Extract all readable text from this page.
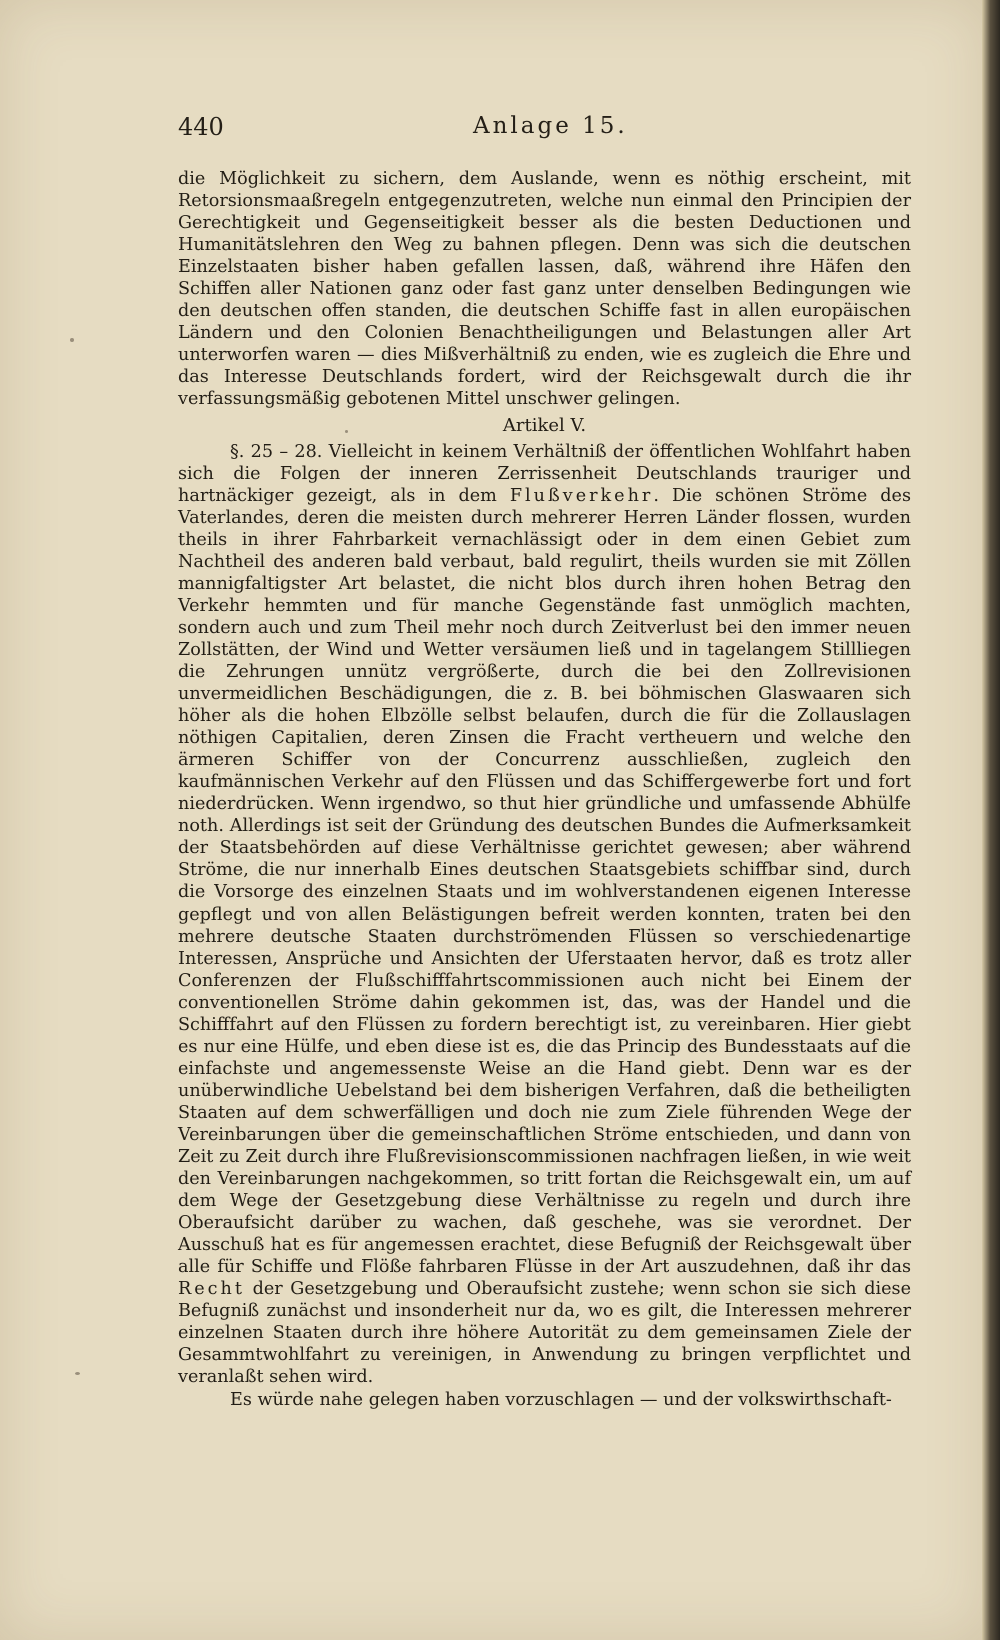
440	Anlage 15.

die Möglichkeit zu sichern, dem Auslande, wenn es nöthig erscheint, mit Retorsionsmaaßregeln entgegenzutreten, welche nun einmal den Principien der Gerechtigkeit und Gegenseitigkeit besser als die besten Deductionen und Humanitätslehren den Weg zu bahnen pflegen. Denn was sich die deutschen Einzelstaaten bisher haben gefallen lassen, daß, während ihre Häfen den Schiffen aller Nationen ganz oder fast ganz unter denselben Bedingungen wie den deutschen offen standen, die deutschen Schiffe fast in allen europäischen Ländern und den Colonien Benachtheiligungen und Belastungen aller Art unterworfen waren — dies Mißverhältniß zu enden, wie es zugleich die Ehre und das Interesse Deutschlands fordert, wird der Reichsgewalt durch die ihr verfassungsmäßig gebotenen Mittel unschwer gelingen.

Artikel V.

§. 25 – 28. Vielleicht in keinem Verhältniß der öffentlichen Wohlfahrt haben sich die Folgen der inneren Zerrissenheit Deutschlands trauriger und hartnäckiger gezeigt, als in dem Flußverkehr. Die schönen Ströme des Vaterlandes, deren die meisten durch mehrerer Herren Länder flossen, wurden theils in ihrer Fahrbarkeit vernachlässigt oder in dem einen Gebiet zum Nachtheil des anderen bald verbaut, bald regulirt, theils wurden sie mit Zöllen mannigfaltigster Art belastet, die nicht blos durch ihren hohen Betrag den Verkehr hemmten und für manche Gegenstände fast unmöglich machten, sondern auch und zum Theil mehr noch durch Zeitverlust bei den immer neuen Zollstätten, der Wind und Wetter versäumen ließ und in tagelangem Stillliegen die Zehrungen unnütz vergrößerte, durch die bei den Zollrevisionen unvermeidlichen Beschädigungen, die z. B. bei böhmischen Glaswaaren sich höher als die hohen Elbzölle selbst belaufen, durch die für die Zollauslagen nöthigen Capitalien, deren Zinsen die Fracht vertheuern und welche den ärmeren Schiffer von der Concurrenz ausschließen, zugleich den kaufmännischen Verkehr auf den Flüssen und das Schiffergewerbe fort und fort niederdrücken. Wenn irgendwo, so thut hier gründliche und umfassende Abhülfe noth. Allerdings ist seit der Gründung des deutschen Bundes die Aufmerksamkeit der Staatsbehörden auf diese Verhältnisse gerichtet gewesen; aber während Ströme, die nur innerhalb Eines deutschen Staatsgebiets schiffbar sind, durch die Vorsorge des einzelnen Staats und im wohlverstandenen eigenen Interesse gepflegt und von allen Belästigungen befreit werden konnten, traten bei den mehrere deutsche Staaten durchströmenden Flüssen so verschiedenartige Interessen, Ansprüche und Ansichten der Uferstaaten hervor, daß es trotz aller Conferenzen der Flußschifffahrtscommissionen auch nicht bei Einem der conventionellen Ströme dahin gekommen ist, das, was der Handel und die Schifffahrt auf den Flüssen zu fordern berechtigt ist, zu vereinbaren. Hier giebt es nur eine Hülfe, und eben diese ist es, die das Princip des Bundesstaats auf die einfachste und angemessenste Weise an die Hand giebt. Denn war es der unüberwindliche Uebelstand bei dem bisherigen Verfahren, daß die betheiligten Staaten auf dem schwerfälligen und doch nie zum Ziele führenden Wege der Vereinbarungen über die gemeinschaftlichen Ströme entschieden, und dann von Zeit zu Zeit durch ihre Flußrevisionscommissionen nachfragen ließen, in wie weit den Vereinbarungen nachgekommen, so tritt fortan die Reichsgewalt ein, um auf dem Wege der Gesetzgebung diese Verhältnisse zu regeln und durch ihre Oberaufsicht darüber zu wachen, daß geschehe, was sie verordnet. Der Ausschuß hat es für angemessen erachtet, diese Befugniß der Reichsgewalt über alle für Schiffe und Flöße fahrbaren Flüsse in der Art auszudehnen, daß ihr das Recht der Gesetzgebung und Oberaufsicht zustehe; wenn schon sie sich diese Befugniß zunächst und insonderheit nur da, wo es gilt, die Interessen mehrerer einzelnen Staaten durch ihre höhere Autorität zu dem gemeinsamen Ziele der Gesammtwohlfahrt zu vereinigen, in Anwendung zu bringen verpflichtet und veranlaßt sehen wird.

Es würde nahe gelegen haben vorzuschlagen — und der volkswirthschaft-
